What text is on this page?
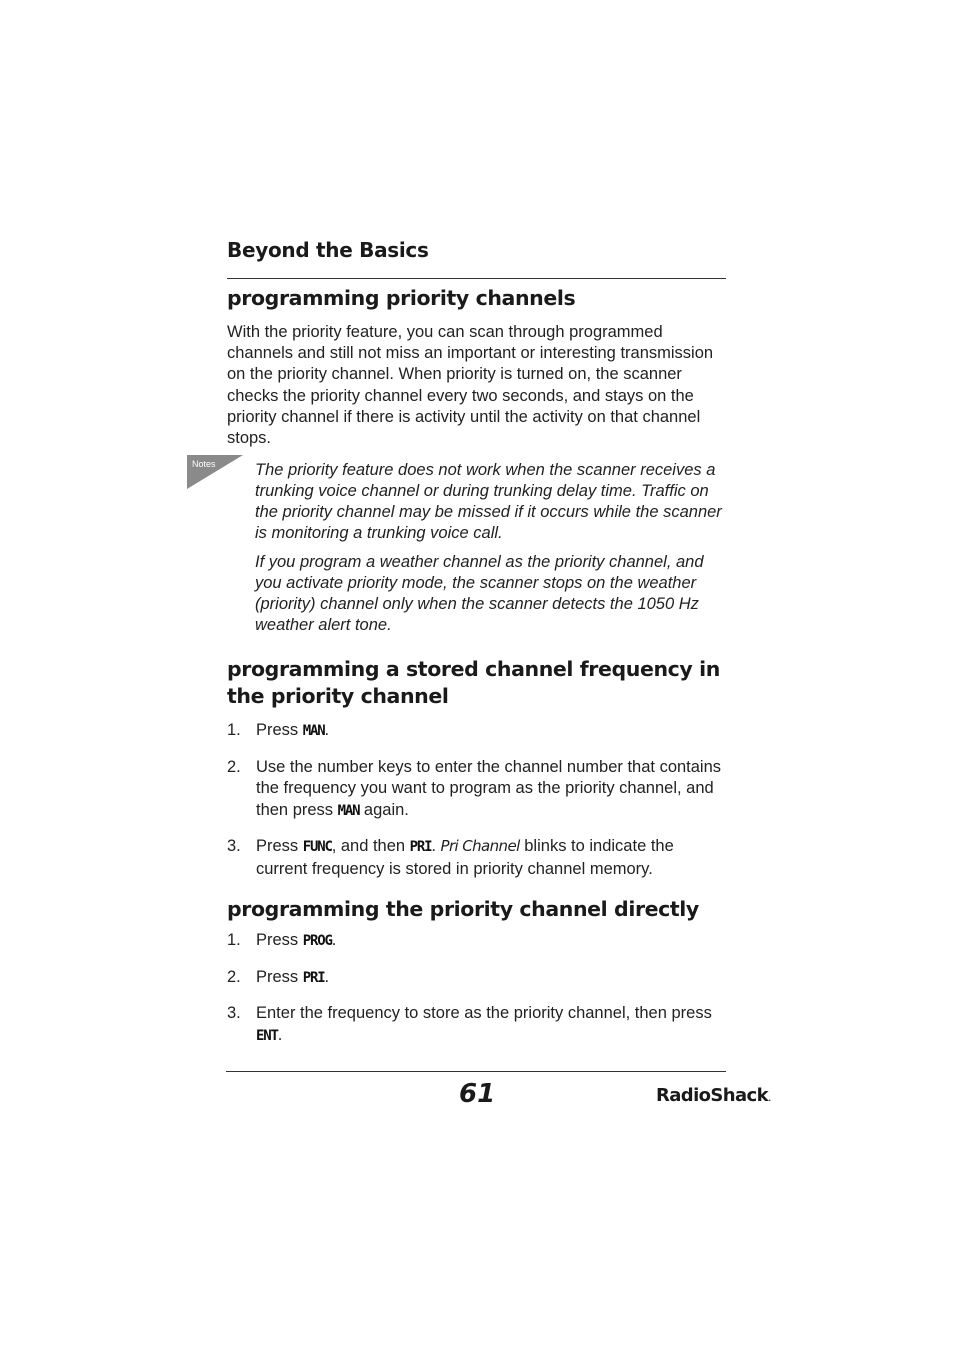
Beyond the Basics
programming priority channels

With the priority feature, you can scan through programmed channels and still not miss an important or interesting transmission on the priority channel. When priority is turned on, the scanner checks the priority channel every two seconds, and stays on the priority channel if there is activity until the activity on that channel stops.

Notes The priority feature does not work when the scanner receives a trunking voice channel or during trunking delay time. Traffic on the priority channel may be missed if it occurs while the scanner is monitoring a trunking voice call.

If you program a weather channel as the priority channel, and you activate priority mode, the scanner stops on the weather (priority) channel only when the scanner detects the 1050 Hz weather alert tone.

programming a stored channel frequency in the priority channel
1. Press MAN.
2. Use the number keys to enter the channel number that contains the frequency you want to program as the priority channel, and then press MAN again.
3. Press FUNC, and then PRI. Pri Channel blinks to indicate the current frequency is stored in priority channel memory.
programming the priority channel directly
1. Press PROG.
2. Press PRI.
3. Enter the frequency to store as the priority channel, then press ENT.
61	RadioShack.
